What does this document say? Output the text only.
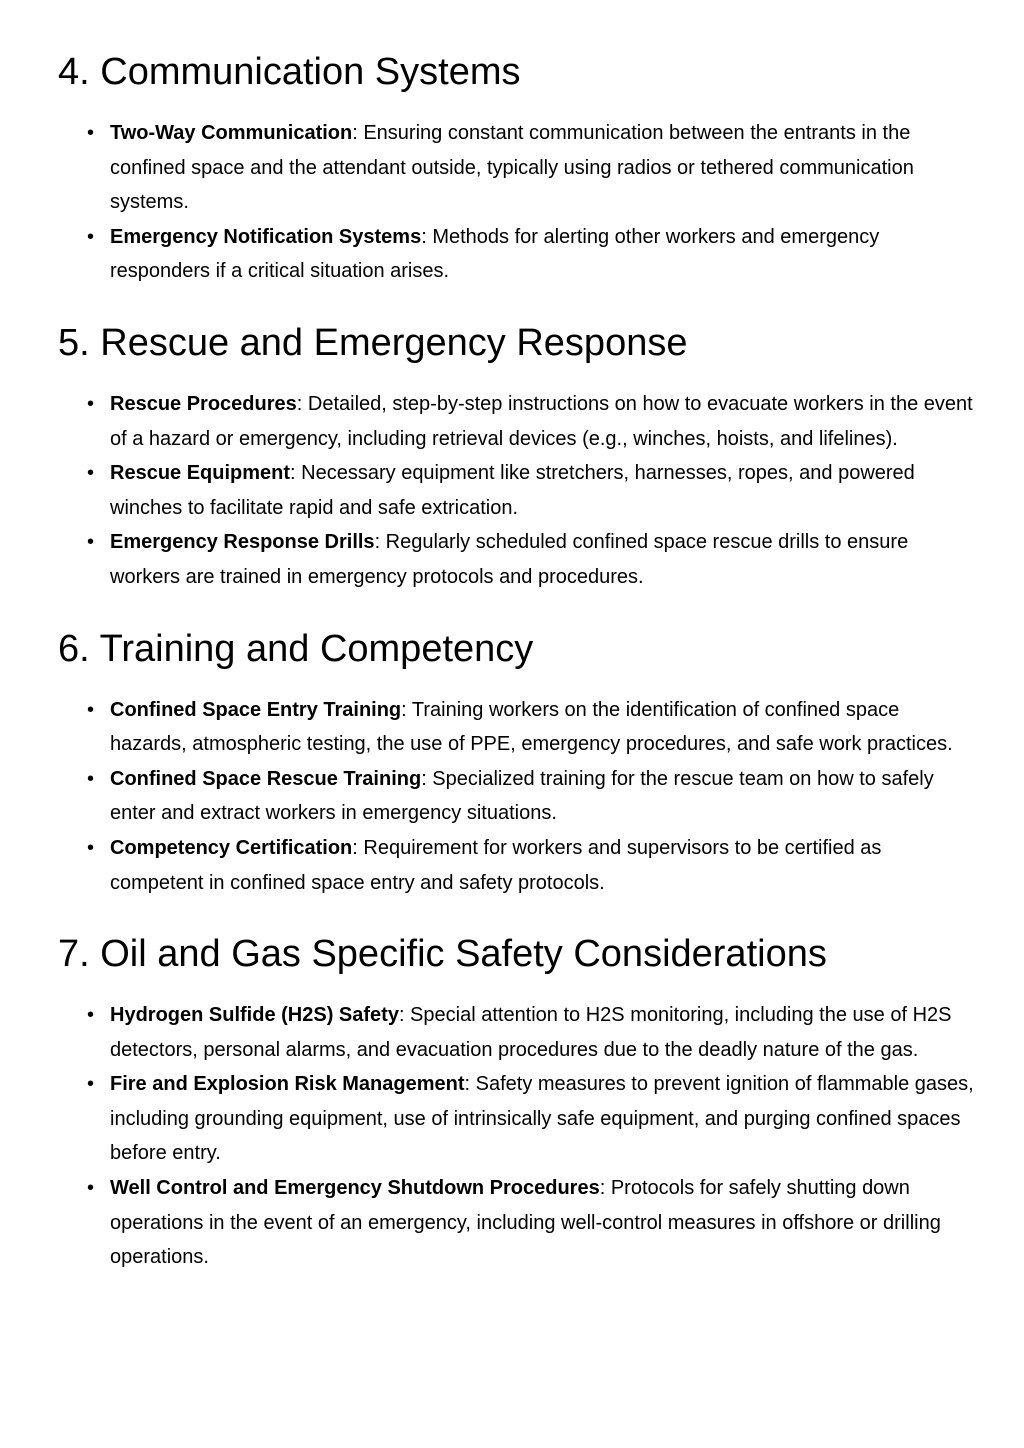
4. Communication Systems
• Two-Way Communication: Ensuring constant communication between the entrants in the confined space and the attendant outside, typically using radios or tethered communication systems.
• Emergency Notification Systems: Methods for alerting other workers and emergency responders if a critical situation arises.
5. Rescue and Emergency Response
• Rescue Procedures: Detailed, step-by-step instructions on how to evacuate workers in the event of a hazard or emergency, including retrieval devices (e.g., winches, hoists, and lifelines).
• Rescue Equipment: Necessary equipment like stretchers, harnesses, ropes, and powered winches to facilitate rapid and safe extrication.
• Emergency Response Drills: Regularly scheduled confined space rescue drills to ensure workers are trained in emergency protocols and procedures.
6. Training and Competency
• Confined Space Entry Training: Training workers on the identification of confined space hazards, atmospheric testing, the use of PPE, emergency procedures, and safe work practices.
• Confined Space Rescue Training: Specialized training for the rescue team on how to safely enter and extract workers in emergency situations.
• Competency Certification: Requirement for workers and supervisors to be certified as competent in confined space entry and safety protocols.
7. Oil and Gas Specific Safety Considerations
• Hydrogen Sulfide (H2S) Safety: Special attention to H2S monitoring, including the use of H2S detectors, personal alarms, and evacuation procedures due to the deadly nature of the gas.
• Fire and Explosion Risk Management: Safety measures to prevent ignition of flammable gases, including grounding equipment, use of intrinsically safe equipment, and purging confined spaces before entry.
• Well Control and Emergency Shutdown Procedures: Protocols for safely shutting down operations in the event of an emergency, including well-control measures in offshore or drilling operations.
